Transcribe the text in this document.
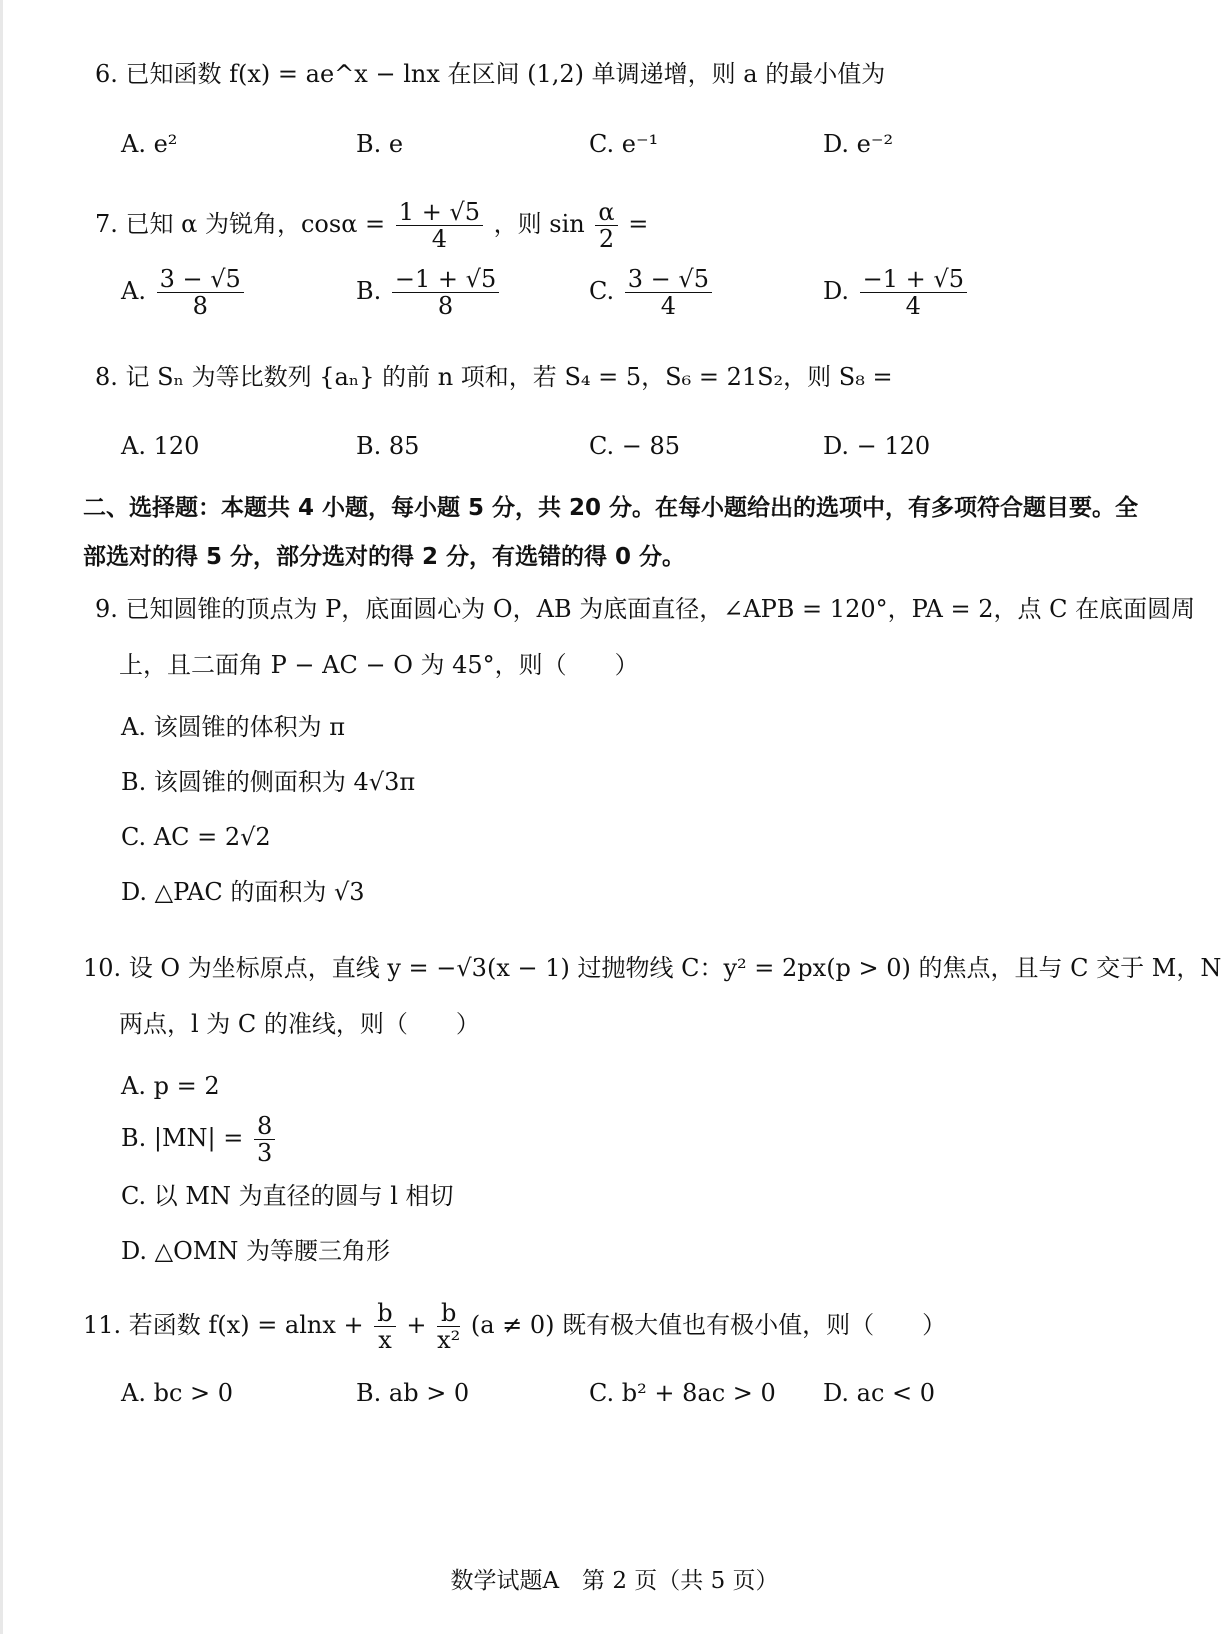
6. 已知函数 f(x) = ae^x − lnx 在区间 (1,2) 单调递增，则 a 的最小值为
A. e²	B. e	C. e⁻¹	D. e⁻²
7. 已知 α 为锐角，$\cos\alpha = \frac{1 + √5}{4}$ ，则 $\sin \frac{\alpha}{2}$ =
A. $\frac{3 - √5}{8}$	B. $\frac{-1 + √5}{8}$	C. $\frac{3 - √5}{4}$	D. $\frac{-1 + √5}{4}$
8. 记 Sₙ 为等比数列 {aₙ} 的前 n 项和，若 S₄ = 5，S₆ = 21S₂，则 S₈ =
A. 120	B. 85	C. − 85	D. − 120
二、选择题：本题共 4 小题，每小题 5 分，共 20 分。在每小题给出的选项中，有多项符合题目要。全
部选对的得 5 分，部分选对的得 2 分，有选错的得 0 分。
9. 已知圆锥的顶点为 P，底面圆心为 O，AB 为底面直径，∠APB = 120°，PA = 2，点 C 在底面圆周
上，且二面角 P − AC − O 为 45°，则（　　）
A. 该圆锥的体积为 π
B. 该圆锥的侧面积为 4√3π
C. AC = 2√2
D. △PAC 的面积为 √3
10. 设 O 为坐标原点，直线 y = −√3(x − 1) 过抛物线 C：y² = 2px(p > 0) 的焦点，且与 C 交于 M，N
两点，l 为 C 的准线，则（　　）
A. p = 2
B. $|MN| = \frac{8}{3}$
C. 以 MN 为直径的圆与 l 相切
D. △OMN 为等腰三角形
11. 若函数 $f(x) = alnx + \frac{b}{x} + \frac{b}{\text{x²}} (a \ne 0)$ 既有极大值也有极小值，则（　　）
A. bc > 0	B. ab > 0	C. b² + 8ac > 0 D. ac < 0
数学试题A　第 2 页（共 5 页）
